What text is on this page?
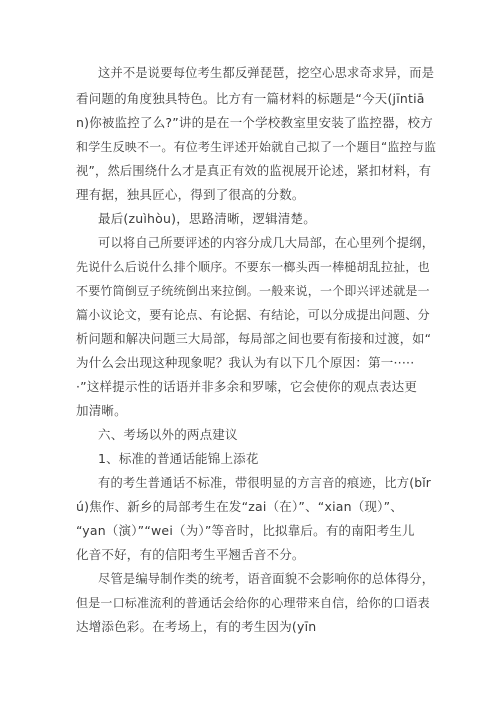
这并不是说要每位考生都反弹琵琶，挖空心思求奇求异，而是
看问题的角度独具特色。比方有一篇材料的标题是“今天(jīntiā
n)你被监控了么?”讲的是在一个学校教室里安装了监控器，校方
和学生反映不一。有位考生评述开始就自己拟了一个题目“监控与监
视”，然后围绕什么才是真正有效的监视展开论述，紧扣材料，有
理有据，独具匠心，得到了很高的分数。
最后(zuìhòu)，思路清晰，逻辑清楚。
可以将自己所要评述的内容分成几大局部，在心里列个提纲，
先说什么后说什么排个顺序。不要东一榔头西一棒槌胡乱拉扯，也
不要竹筒倒豆子统统倒出来拉倒。一般来说，一个即兴评述就是一
篇小议论文，要有论点、有论据、有结论，可以分成提出问题、分
析问题和解决问题三大局部，每局部之间也要有衔接和过渡，如“
为什么会出现这种现象呢？我认为有以下几个原因：第一·····
·”这样提示性的话语并非多余和罗嗦，它会使你的观点表达更
加清晰。
六、考场以外的两点建议
1、标准的普通话能锦上添花
有的考生普通话不标准，带很明显的方言音的痕迹，比方(bǐr
ú)焦作、新乡的局部考生在发“zai（在）”、“xian（现）”、
“yan（演）”“wei（为）”等音时，比拟靠后。有的南阳考生儿
化音不好，有的信阳考生平翘舌音不分。
尽管是编导制作类的统考，语音面貌不会影响你的总体得分，
但是一口标准流利的普通话会给你的心理带来自信，给你的口语表
达增添色彩。在考场上，有的考生因为(yīn
